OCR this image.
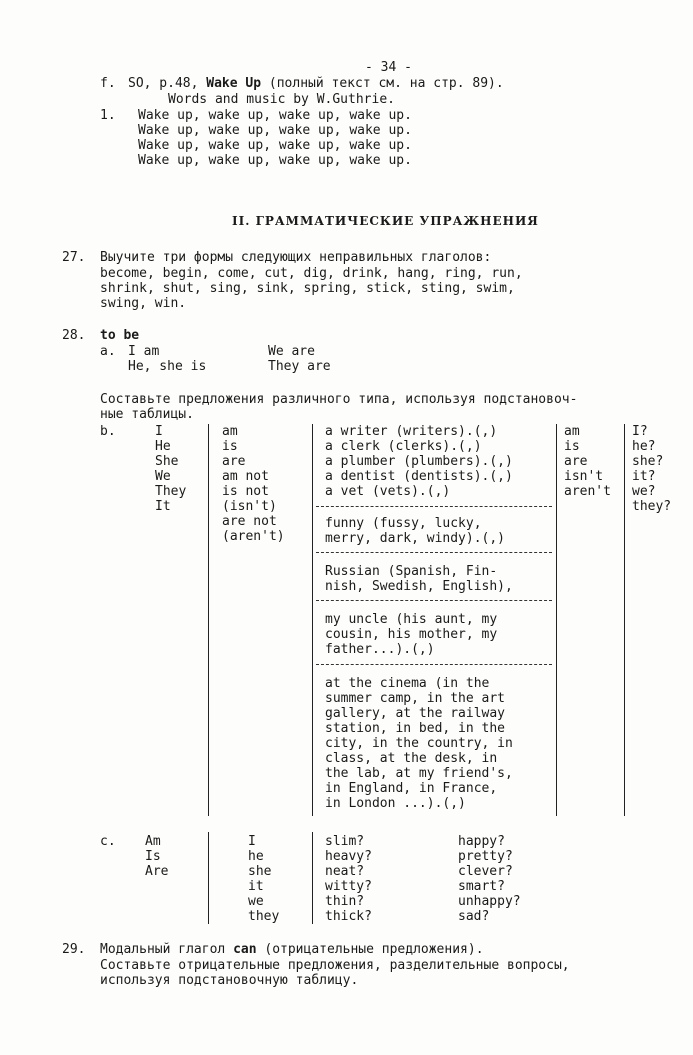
- 34 -
f. SO, p.48, Wake Up (полный текст см. на стр. 89).
Words and music by W.Guthrie.
1. Wake up, wake up, wake up, wake up.
Wake up, wake up, wake up, wake up.
Wake up, wake up, wake up, wake up.
Wake up, wake up, wake up, wake up.
II. ГРАММАТИЧЕСКИЕ УПРАЖНЕНИЯ
27. Выучите три формы следующих неправильных глаголов:
become, begin, come, cut, dig, drink, hang, ring, run,
shrink, shut, sing, sink, spring, stick, sting, swim,
swing, win.
28. to be
a. I am
He, she is
We are
They are
Составьте предложения различного типа, используя подстановоч-
ные таблицы.
b.	I
He
She
We
They
It
am
is
are
am not
is not
(isn't)
are not
(aren't)
a writer (writers).(,)
a clerk (clerks).(,)
a plumber (plumbers).(,)
a dentist (dentists).(,)
a vet (vets).(,)
funny (fussy, lucky,
merry, dark, windy).(,)
Russian (Spanish, Fin-
nish, Swedish, English),
my uncle (his aunt, my
cousin, his mother, my
father...).(,)
at the cinema (in the
summer camp, in the art
gallery, at the railway
station, in bed, in the
city, in the country, in
class, at the desk, in
the lab, at my friend's,
in England, in France,
in London ...).(,)
am
is
are
isn't
aren't
I?
he?
she?
it?
we?
they?
c. Am
Is
Are
I
he
she
it
we
they
slim?
heavy?
neat?
witty?
thin?
thick?
happy?
pretty?
clever?
smart?
unhappy?
sad?
29. Модальный глагол can (отрицательные предложения).
Составьте отрицательные предложения, разделительные вопросы,
используя подстановочную таблицу.
